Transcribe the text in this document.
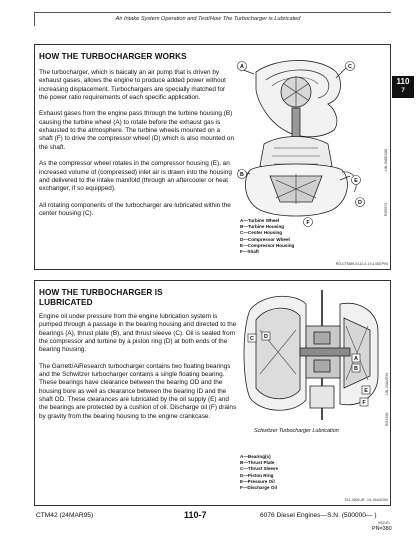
Air Intake System Operation and Test/How The Turbocharger is Lubricated
110
7
HOW THE TURBOCHARGER WORKS

The turbocharger, which is baically an air pump that is driven by exhaust gases, allows the engine to produce added power without increasing displacement. Turbochargers are specially matched for the power ratio requirements of each specific application.

Exhaust gases from the engine pass through the turbine housing (B) causing the turbine wheel (A) to rotate before the exhaust gas is exhausted to the atmosphere. The turbine wheels mounted on a shaft (F) to drive the compressor wheel (D) which is also mounted on the shaft.

As the compressor wheel rotates in the compressor housing (E), an increased volume of (compressed) inlet air is drawn into the housing and delivered to the intake manifold (through an aftercooler or heat exchanger, if so equipped).

All rotating components of the turbocharger are lubricated within the center housing (C).

A
B
C
D
E
F
-UN-03DEC88
RG5572
A—Turbine Wheel
B—Turbine Housing
C—Center Housing
D—Compressor Wheel
E—Compressor Housing
F—Shaft
RG,CTM89,G110,3-19-14SEP94
HOW THE TURBOCHARGER IS
LUBRICATED

Engine oil under pressure from the engine lubrication system is pumped through a passage in the bearing housing and directed to the bearings (A), thrust plate (B), and thrust sleeve (C). Oil is sealed from the compressor and turbine by a piston ring (D) at both ends of the bearing housing.

The Garrett/AiResearch turbocharger contains two floating bearings and the Schwitzer turbocharger contains a single floating bearing. These bearings have clearance between the bearing OD and the housing bore as well as clearance between the bearing ID and the shaft OD. These clearances are lubricated by the oil supply (E) and the bearings are protected by a cushion of oil. Discharge oil (F) drains by gravity from the bearing housing to the engine crankcase.

A
B
C D
E
F
-UN-23AUG94
RG4456
Schwitzer Turbocharger Lubrication
A—Bearing(s)
B—Thrust Plate
C—Thrust Sleeve
D—Piston Ring
E—Pressure Oil
F—Discharge Oil
S11,3605,JE -19-19AUG94
CTM42 (24MAR95)	110-7	6076 Diesel Engines—S.N. (500000— )
092101
PN=380
